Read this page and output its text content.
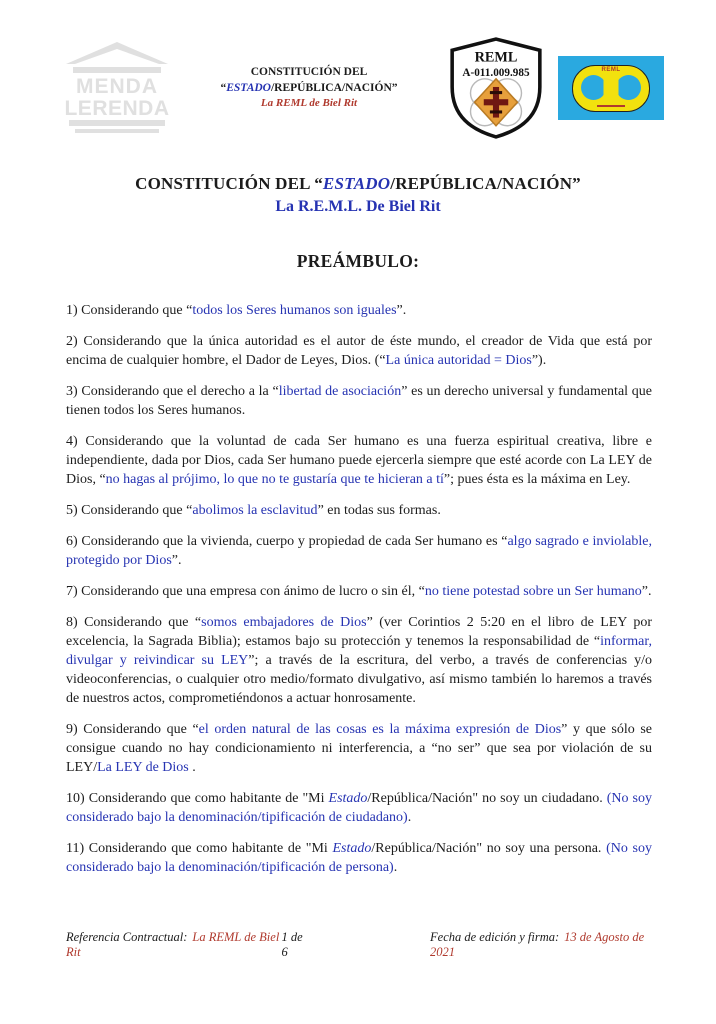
MENDA
LERENDA
CONSTITUCIÓN DEL
“ESTADO/REPÚBLICA/NACIÓN”
La REML de Biel Rit
REML
A-011.009.985	REML
CONSTITUCIÓN DEL “ESTADO/REPÚBLICA/NACIÓN”
La R.E.M.L. De Biel Rit
PREÁMBULO:

1) Considerando que “todos los Seres humanos son iguales”.

2) Considerando que la única autoridad es el autor de éste mundo, el creador de Vida que está por encima de cualquier hombre, el Dador de Leyes, Dios. (“La única autoridad = Dios”).

3) Considerando que el derecho a la “libertad de asociación” es un derecho universal y fundamental que tienen todos los Seres humanos.

4) Considerando que la voluntad de cada Ser humano es una fuerza espiritual creativa, libre e independiente, dada por Dios, cada Ser humano puede ejercerla siempre que esté acorde con La LEY de Dios, “no hagas al prójimo, lo que no te gustaría que te hicieran a tí”; pues ésta es la máxima en Ley.

5) Considerando que “abolimos la esclavitud” en todas sus formas.

6) Considerando que la vivienda, cuerpo y propiedad de cada Ser humano es “algo sagrado e inviolable, protegido por Dios”.

7) Considerando que una empresa con ánimo de lucro o sin él, “no tiene potestad sobre un Ser humano”.

8) Considerando que “somos embajadores de Dios” (ver Corintios 2 5:20 en el libro de LEY por excelencia, la Sagrada Biblia); estamos bajo su protección y tenemos la responsabilidad de “informar, divulgar y reivindicar su LEY”; a través de la escritura, del verbo, a través de conferencias y/o videoconferencias, o cualquier otro medio/formato divulgativo, así mismo también lo haremos a través de nuestros actos, comprometiéndonos a actuar honrosamente.

9) Considerando que “el orden natural de las cosas es la máxima expresión de Dios” y que sólo se consigue cuando no hay condicionamiento ni interferencia, a “no ser” que sea por violación de su LEY/La LEY de Dios .

10) Considerando que como habitante de "Mi Estado/República/Nación" no soy un ciudadano. (No soy considerado bajo la denominación/tipificación de ciudadano).

11) Considerando que como habitante de "Mi Estado/República/Nación" no soy una persona. (No soy considerado bajo la denominación/tipificación de persona).

Referencia Contractual: La REML de Biel Rit
1 de 6
Fecha de edición y firma: 13 de Agosto de 2021
